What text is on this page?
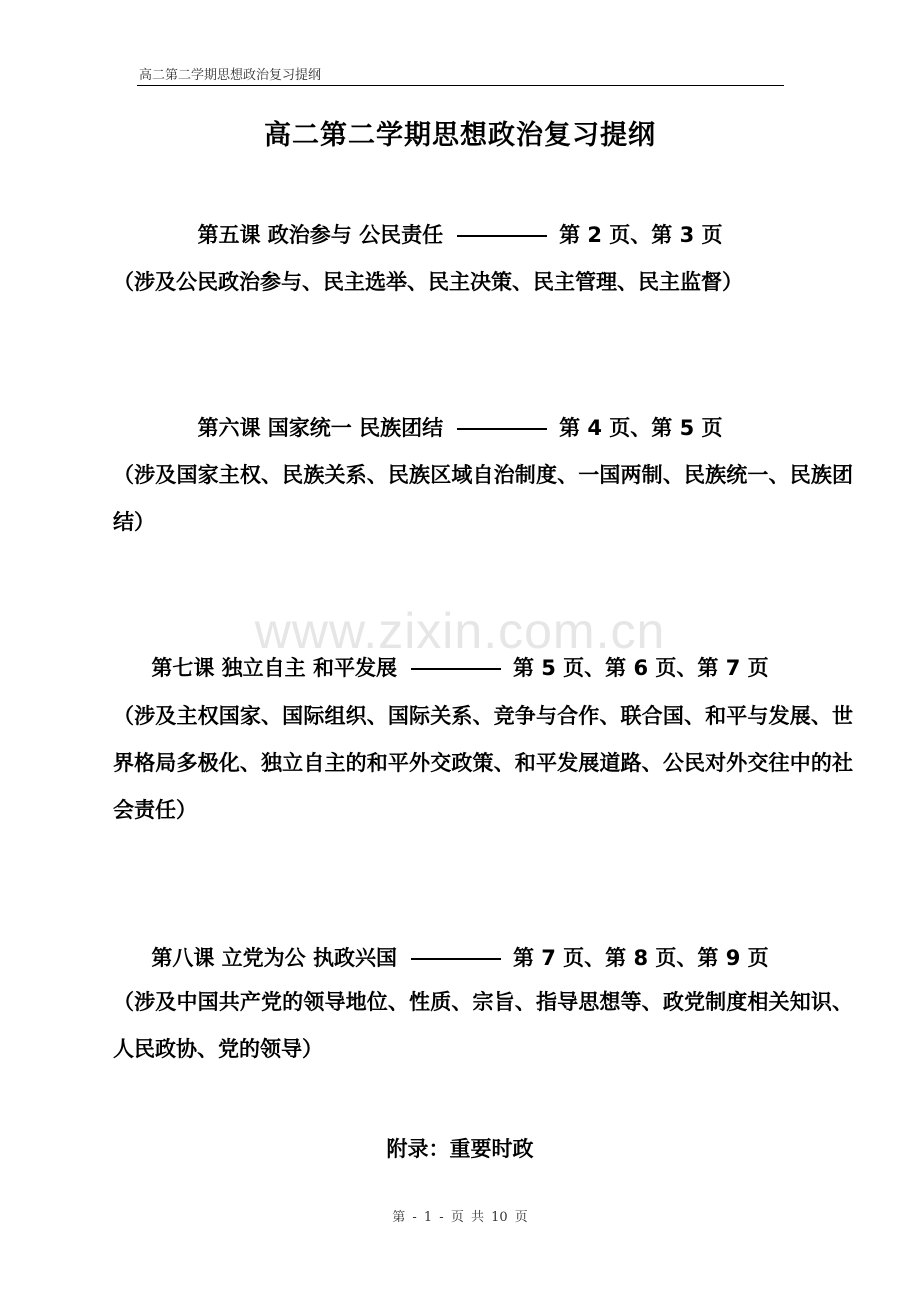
www.zixin.com.cn
高二第二学期思想政治复习提纲
高二第二学期思想政治复习提纲
第五课 政治参与 公民责任	第 2 页、第 3 页
（涉及公民政治参与、民主选举、民主决策、民主管理、民主监督）
第六课 国家统一 民族团结	第 4 页、第 5 页
（涉及国家主权、民族关系、民族区域自治制度、一国两制、民族统一、民族团结）
第七课 独立自主 和平发展	第 5 页、第 6 页、第 7 页
（涉及主权国家、国际组织、国际关系、竞争与合作、联合国、和平与发展、世界格局多极化、独立自主的和平外交政策、和平发展道路、公民对外交往中的社会责任）
第八课 立党为公 执政兴国	第 7 页、第 8 页、第 9 页
（涉及中国共产党的领导地位、性质、宗旨、指导思想等、政党制度相关知识、人民政协、党的领导）
附录：重要时政
第 - 1 - 页 共 10 页
